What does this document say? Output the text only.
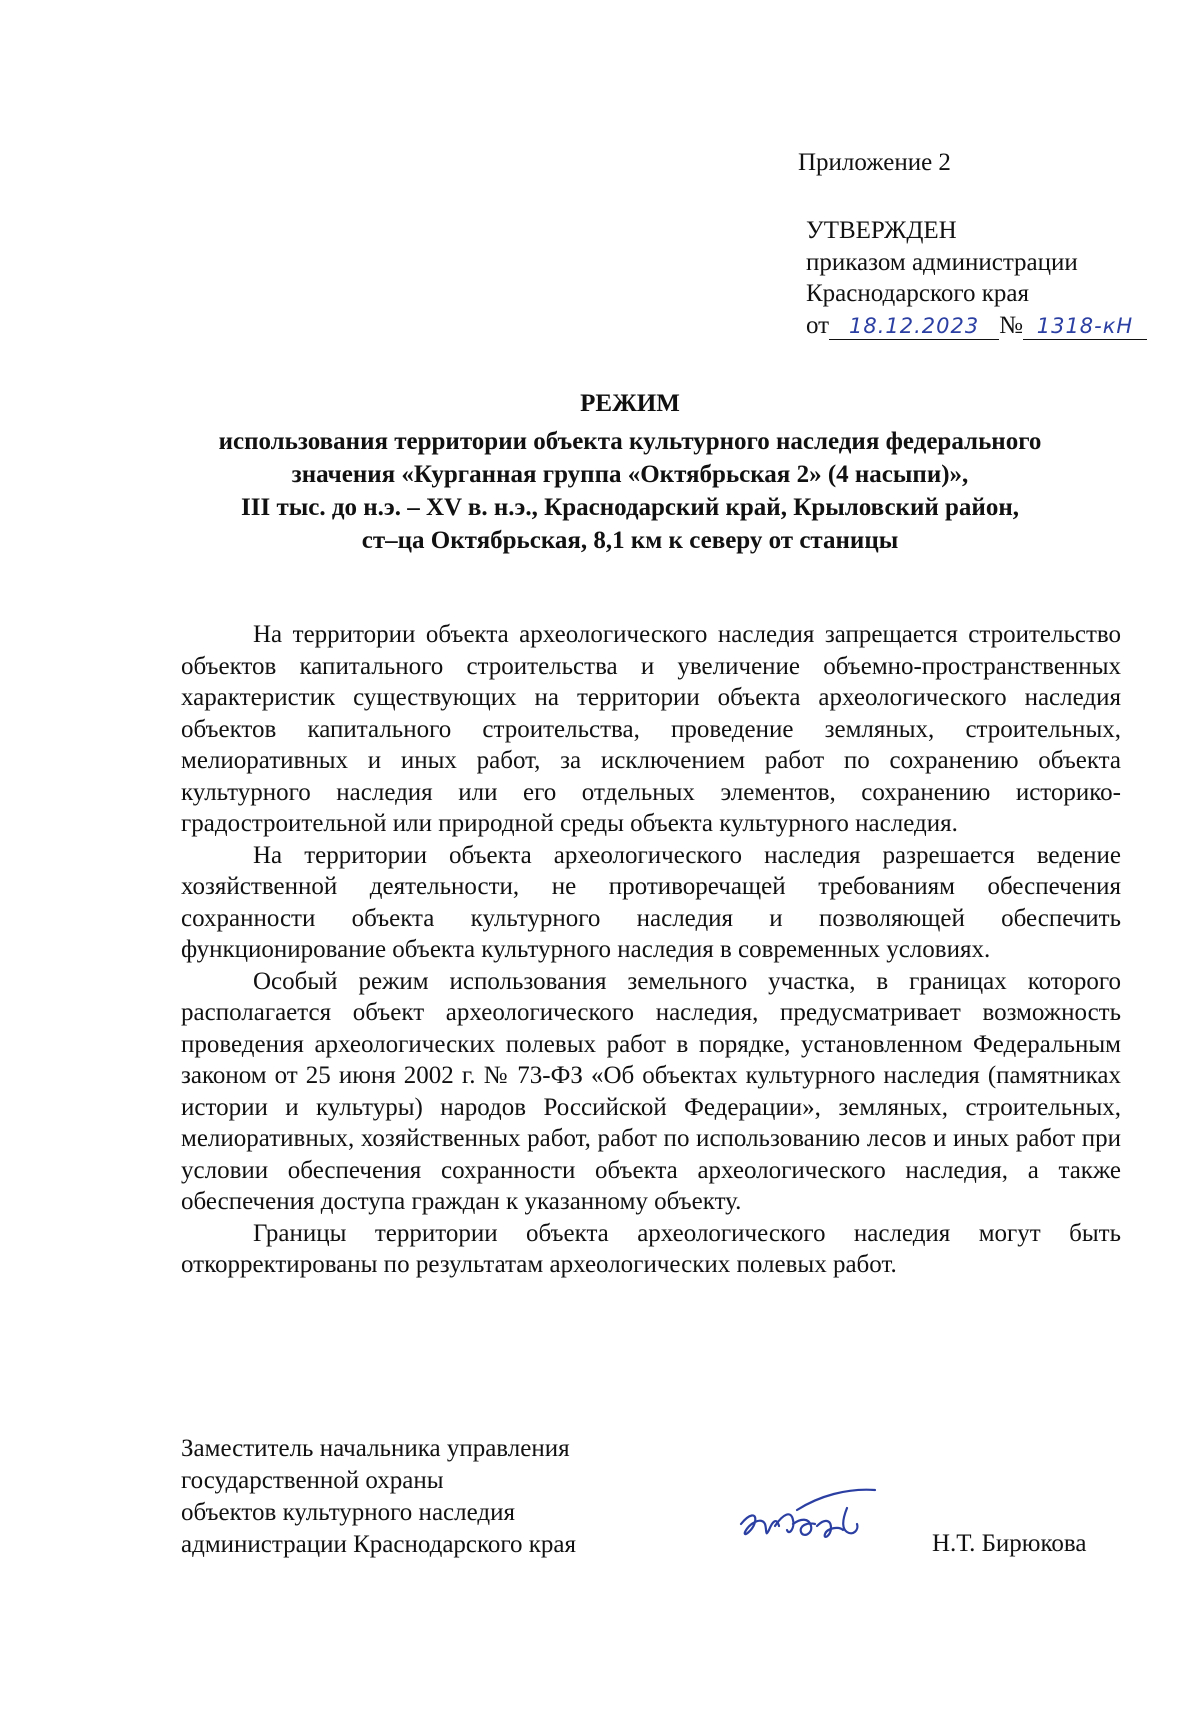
Приложение 2
УТВЕРЖДЕН
приказом администрации
Краснодарского края
от 18.12.2023 № 1318-кН
РЕЖИМ
использования территории объекта культурного наследия федерального
значения «Курганная группа «Октябрьская 2» (4 насыпи)»,
III тыс. до н.э. – XV в. н.э., Краснодарский край, Крыловский район,
ст–ца Октябрьская, 8,1 км к северу от станицы

На территории объекта археологического наследия запрещается строительство объектов капитального строительства и увеличение объемно-пространственных характеристик существующих на территории объекта археологического наследия объектов капитального строительства, проведение земляных, строительных, мелиоративных и иных работ, за исключением работ по сохранению объекта культурного наследия или его отдельных элементов, сохранению историко-градостроительной или природной среды объекта культурного наследия.

На территории объекта археологического наследия разрешается ведение хозяйственной деятельности, не противоречащей требованиям обеспечения сохранности объекта культурного наследия и позволяющей обеспечить функционирование объекта культурного наследия в современных условиях.

Особый режим использования земельного участка, в границах которого располагается объект археологического наследия, предусматривает возможность проведения археологических полевых работ в порядке, установленном Федеральным законом от 25 июня 2002 г. № 73-ФЗ «Об объектах культурного наследия (памятниках истории и культуры) народов Российской Федерации», земляных, строительных, мелиоративных, хозяйственных работ, работ по использованию лесов и иных работ при условии обеспечения сохранности объекта археологического наследия, а также обеспечения доступа граждан к указанному объекту.

Границы территории объекта археологического наследия могут быть откорректированы по результатам археологических полевых работ.

Заместитель начальника управления
государственной охраны
объектов культурного наследия
администрации Краснодарского края	Н.Т. Бирюкова
